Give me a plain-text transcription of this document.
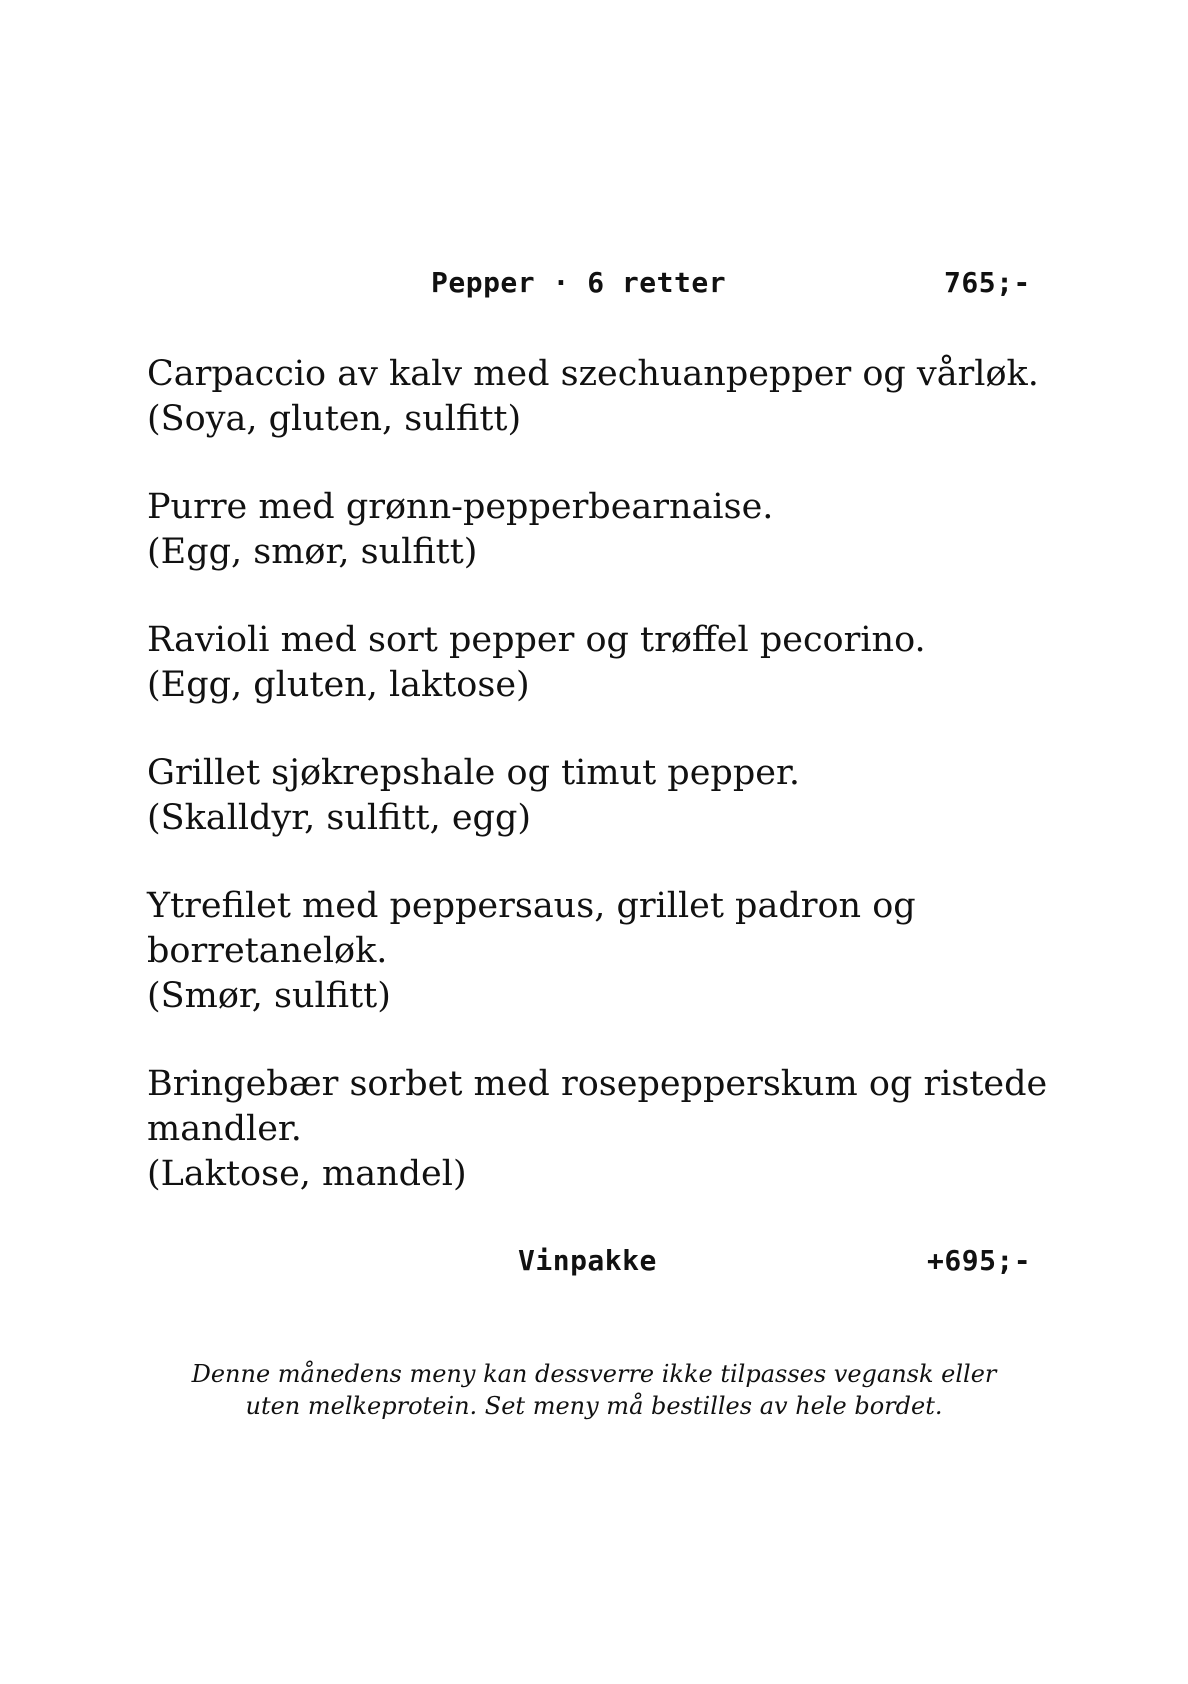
Pepper · 6 retter	765;-
Carpaccio av kalv med szechuanpepper og vårløk.
(Soya, gluten, sulfitt)
Purre med grønn-pepperbearnaise.
(Egg, smør, sulfitt)
Ravioli med sort pepper og trøffel pecorino.
(Egg, gluten, laktose)
Grillet sjøkrepshale og timut pepper.
(Skalldyr, sulfitt, egg)
Ytrefilet med peppersaus, grillet padron og borretaneløk.
(Smør, sulfitt)
Bringebær sorbet med rosepepperskum og ristede mandler.
(Laktose, mandel)
Vinpakke	+695;-
Denne månedens meny kan dessverre ikke tilpasses vegansk eller
uten melkeprotein. Set meny må bestilles av hele bordet.
